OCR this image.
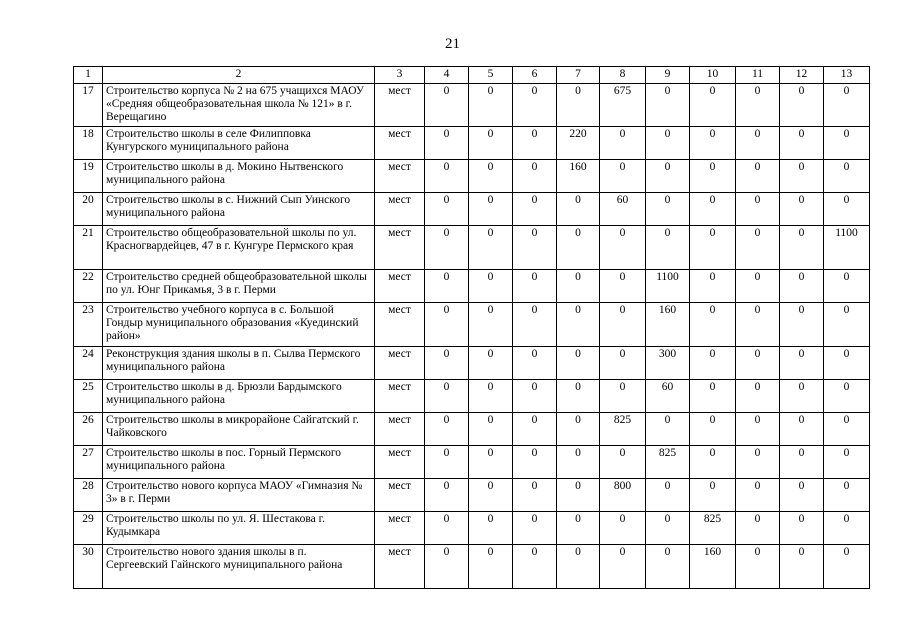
21
1	2	3	4	5	6	7	8	9	10	11	12	13
17	Строительство корпуса № 2 на 675 учащихся МАОУ «Средняя общеобразовательная школа № 121» в г. Верещагино	мест	0	0	0	0	675	0	0	0	0	0
18	Строительство школы в селе Филипповка Кунгурского муниципального района	мест	0	0	0	220	0	0	0	0	0	0
19	Строительство школы в д. Мокино Нытвенского муниципального района	мест	0	0	0	160	0	0	0	0	0	0
20	Строительство школы в с. Нижний Сып Уинского муниципального района	мест	0	0	0	0	60	0	0	0	0	0
21	Строительство общеобразовательной школы по ул. Красногвардейцев, 47 в г. Кунгуре Пермского края	мест	0	0	0	0	0	0	0	0	0	1100
22	Строительство средней общеобразовательной школы по ул. Юнг Прикамья, 3 в г. Перми	мест	0	0	0	0	0	1100	0	0	0	0
23	Строительство учебного корпуса в с. Большой Гондыр муниципального образования «Куединский район»	мест	0	0	0	0	0	160	0	0	0	0
24	Реконструкция здания школы в п. Сылва Пермского муниципального района	мест	0	0	0	0	0	300	0	0	0	0
25	Строительство школы в д. Брюзли Бардымского муниципального района	мест	0	0	0	0	0	60	0	0	0	0
26	Строительство школы в микрорайоне Сайгатский г. Чайковского	мест	0	0	0	0	825	0	0	0	0	0
27	Строительство школы в пос. Горный Пермского муниципального района	мест	0	0	0	0	0	825	0	0	0	0
28	Строительство нового корпуса МАОУ «Гимназия № 3» в г. Перми	мест	0	0	0	0	800	0	0	0	0	0
29	Строительство школы по ул. Я. Шестакова г. Кудымкара	мест	0	0	0	0	0	0	825	0	0	0
30	Строительство нового здания школы в п. Сергеевский Гайнского муниципального района	мест	0	0	0	0	0	0	160	0	0	0
